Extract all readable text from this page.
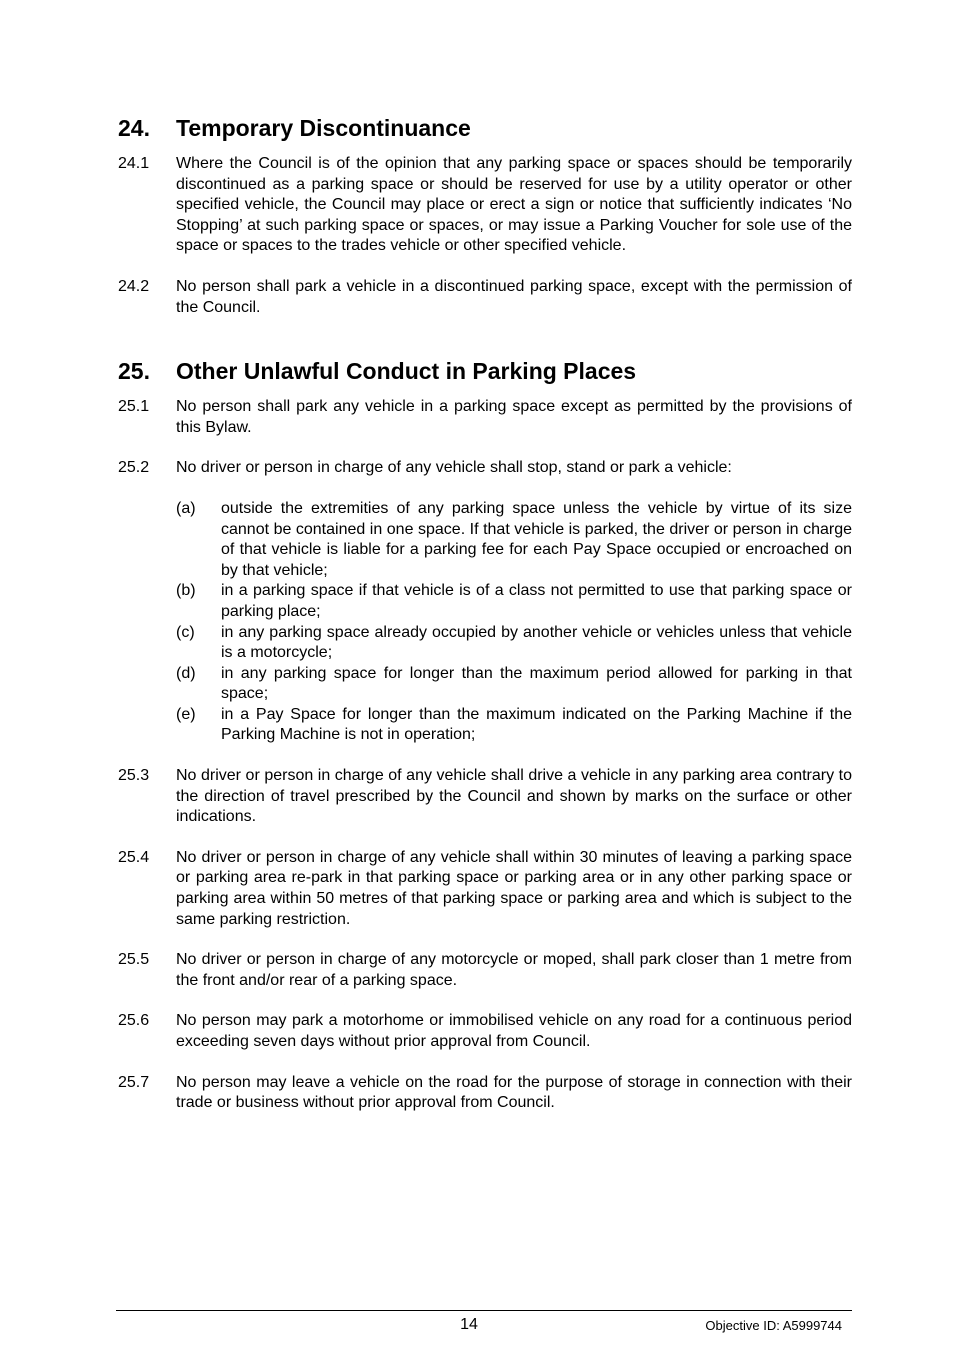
24.	Temporary Discontinuance
24.1	Where the Council is of the opinion that any parking space or spaces should be temporarily discontinued as a parking space or should be reserved for use by a utility operator or other specified vehicle, the Council may place or erect a sign or notice that sufficiently indicates ‘No Stopping’ at such parking space or spaces, or may issue a Parking Voucher for sole use of the space or spaces to the trades vehicle or other specified vehicle.
24.2	No person shall park a vehicle in a discontinued parking space, except with the permission of the Council.
25.	Other Unlawful Conduct in Parking Places
25.1	No person shall park any vehicle in a parking space except as permitted by the provisions of this Bylaw.
25.2	No driver or person in charge of any vehicle shall stop, stand or park a vehicle:
(a)	outside the extremities of any parking space unless the vehicle by virtue of its size cannot be contained in one space. If that vehicle is parked, the driver or person in charge of that vehicle is liable for a parking fee for each Pay Space occupied or encroached on by that vehicle;
(b)	in a parking space if that vehicle is of a class not permitted to use that parking space or parking place;
(c)	in any parking space already occupied by another vehicle or vehicles unless that vehicle is a motorcycle;
(d)	in any parking space for longer than the maximum period allowed for parking in that space;
(e)	in a Pay Space for longer than the maximum indicated on the Parking Machine if the Parking Machine is not in operation;
25.3	No driver or person in charge of any vehicle shall drive a vehicle in any parking area contrary to the direction of travel prescribed by the Council and shown by marks on the surface or other indications.
25.4	No driver or person in charge of any vehicle shall within 30 minutes of leaving a parking space or parking area re-park in that parking space or parking area or in any other parking space or parking area within 50 metres of that parking space or parking area and which is subject to the same parking restriction.
25.5	No driver or person in charge of any motorcycle or moped, shall park closer than 1 metre from the front and/or rear of a parking space.
25.6	No person may park a motorhome or immobilised vehicle on any road for a continuous period exceeding seven days without prior approval from Council.
25.7	No person may leave a vehicle on the road for the purpose of storage in connection with their trade or business without prior approval from Council.
14	Objective ID: A5999744
